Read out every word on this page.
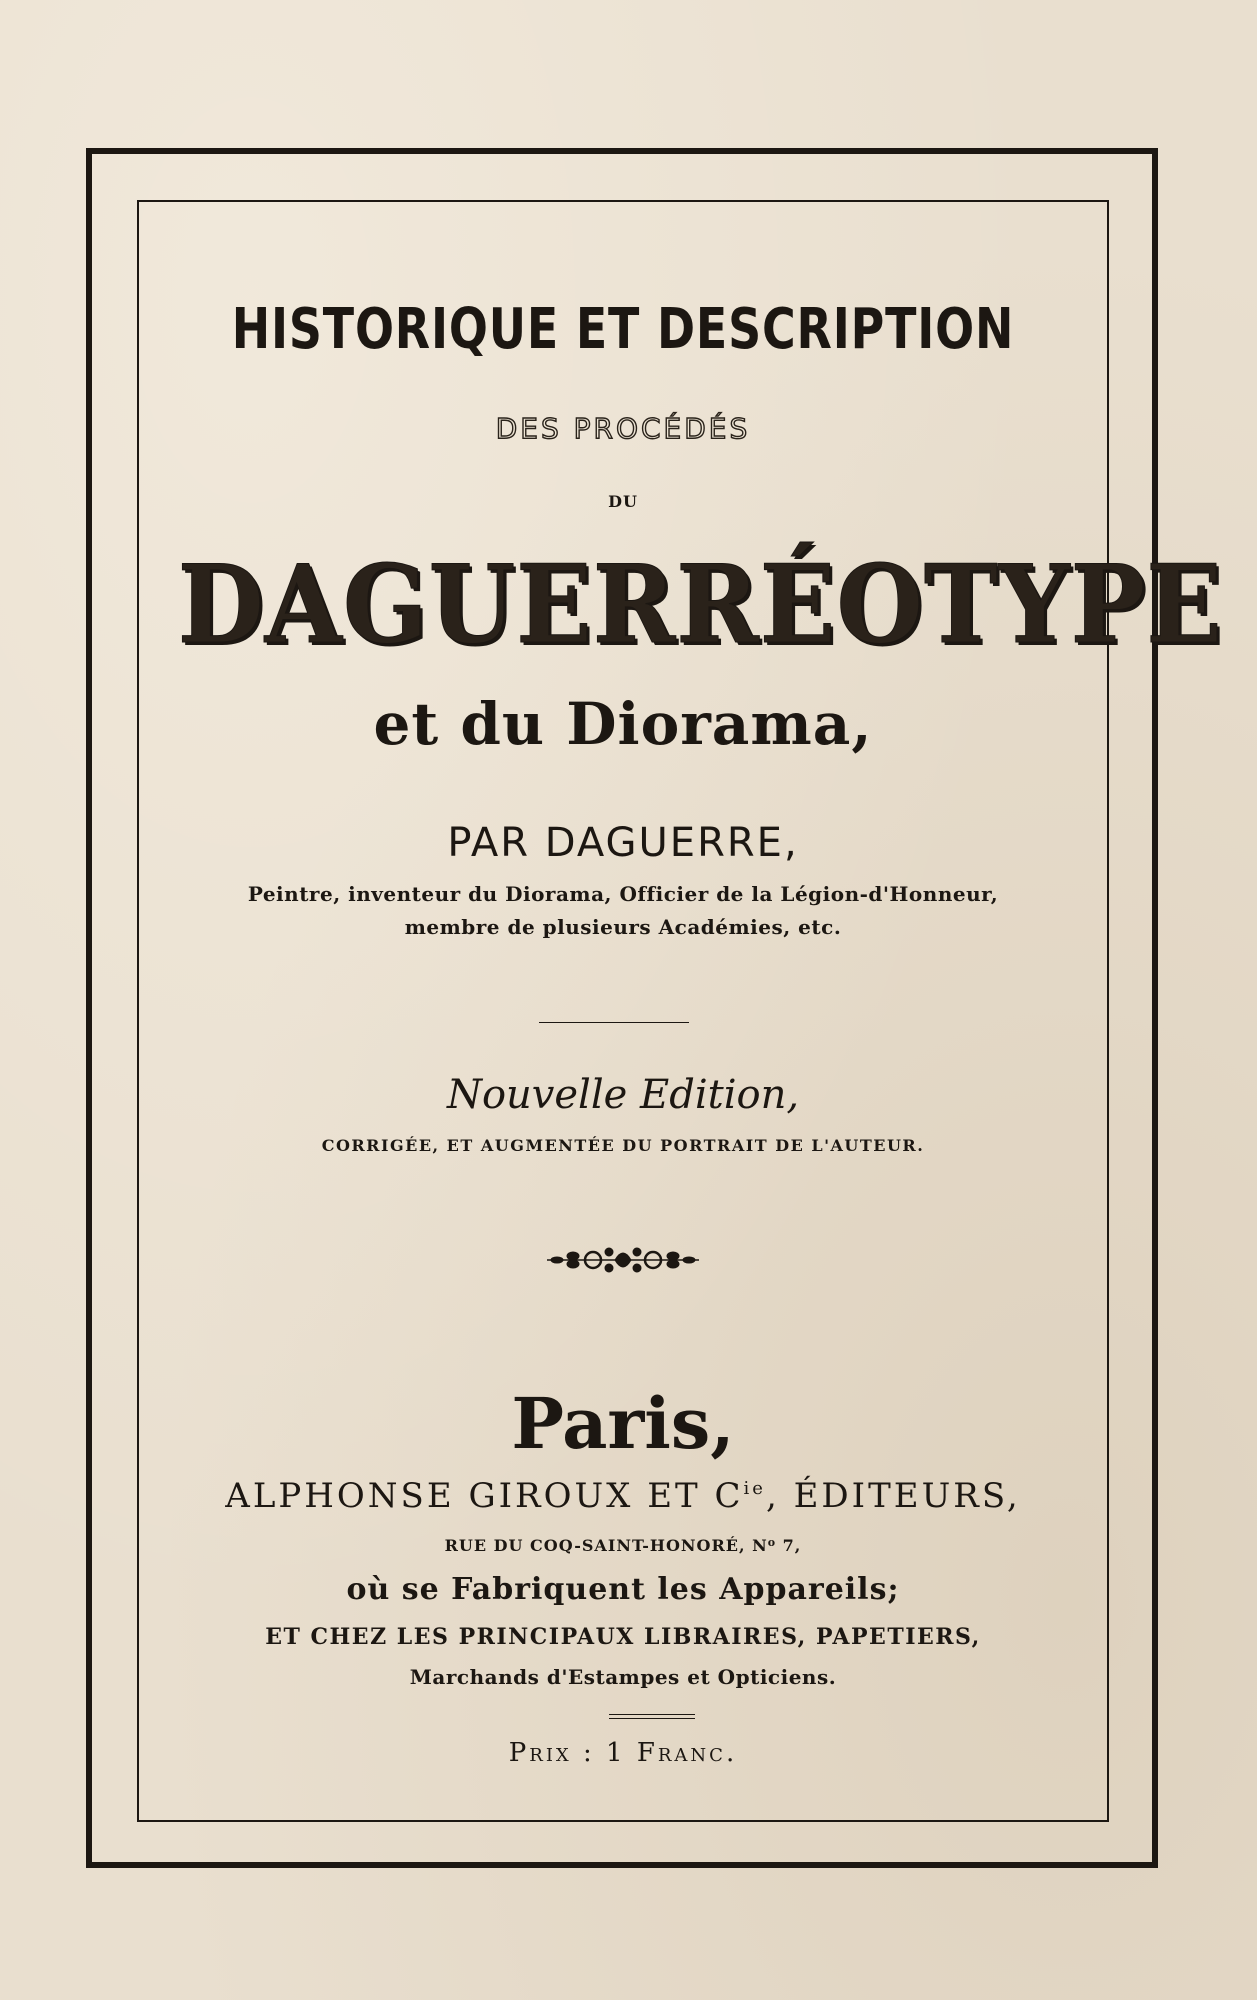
HISTORIQUE ET DESCRIPTION
DES PROCÉDÉS
DU
DAGUERRÉOTYPE
et du Diorama,
PAR DAGUERRE,
Peintre, inventeur du Diorama, Officier de la Légion-d'Honneur,
membre de plusieurs Académies, etc.
Nouvelle Edition,
CORRIGÉE, ET AUGMENTÉE DU PORTRAIT DE L'AUTEUR.
Paris,
ALPHONSE GIROUX ET $C^{ie}$, ÉDITEURS,
RUE DU COQ-SAINT-HONORÉ, $N^o$ 7,
où se Fabriquent les Appareils;
ET CHEZ LES PRINCIPAUX LIBRAIRES, PAPETIERS,
Marchands d'Estampes et Opticiens.
Prix : 1 Franc.
